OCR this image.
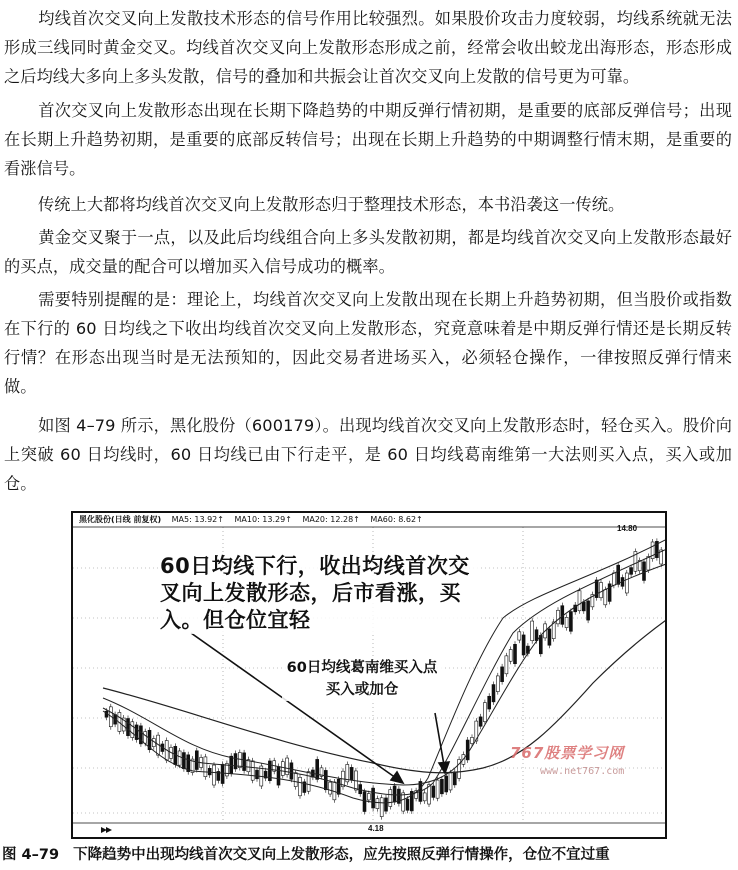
均线首次交叉向上发散技术形态的信号作用比较强烈。如果股价攻击力度较弱，均线系统就无法形成三线同时黄金交叉。均线首次交叉向上发散形态形成之前，经常会收出蛟龙出海形态，形态形成之后均线大多向上多头发散，信号的叠加和共振会让首次交叉向上发散的信号更为可靠。

首次交叉向上发散形态出现在长期下降趋势的中期反弹行情初期，是重要的底部反弹信号；出现在长期上升趋势初期，是重要的底部反转信号；出现在长期上升趋势的中期调整行情末期，是重要的看涨信号。

传统上大都将均线首次交叉向上发散形态归于整理技术形态，本书沿袭这一传统。

黄金交叉聚于一点，以及此后均线组合向上多头发散初期，都是均线首次交叉向上发散形态最好的买点，成交量的配合可以增加买入信号成功的概率。

需要特别提醒的是：理论上，均线首次交叉向上发散出现在长期上升趋势初期，但当股价或指数在下行的 60 日均线之下收出均线首次交叉向上发散形态，究竟意味着是中期反弹行情还是长期反转行情？在形态出现当时是无法预知的，因此交易者进场买入，必须轻仓操作，一律按照反弹行情来做。

如图 4–79 所示，黑化股份（600179）。出现均线首次交叉向上发散形态时，轻仓买入。股价向上突破 60 日均线时，60 日均线已由下行走平，是 60 日均线葛南维第一大法则买入点，买入或加仓。

黑化股份(日线 前复权) MA5: 13.92↑ MA10: 13.29↑ MA20: 12.28↑ MA60: 8.62↑
14.80
4.18
60日均线下行，收出均线首次交叉向上发散形态，后市看涨，买入。但仓位宜轻
60日均线葛南维买入点买入或加仓
767股票学习网
www.net767.com
图 4–79 下降趋势中出现均线首次交叉向上发散形态，应先按照反弹行情操作，仓位不宜过重
